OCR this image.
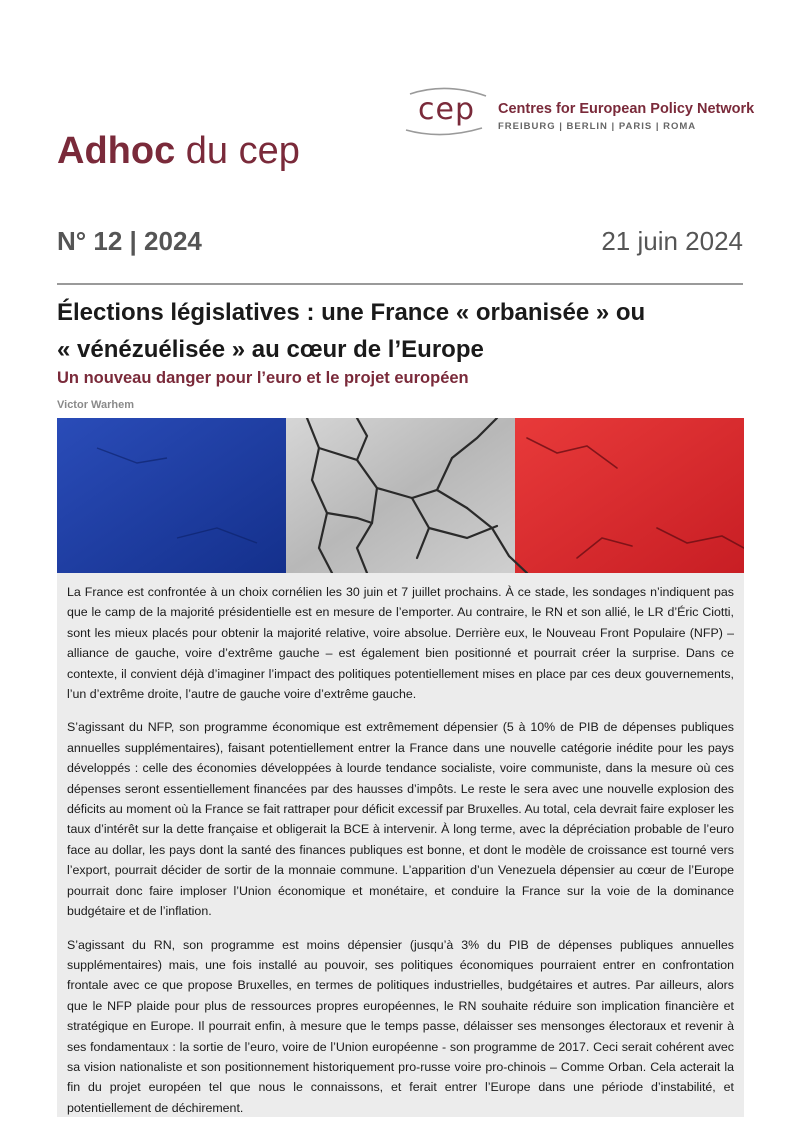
cep Centres for European Policy Network
FREIBURG | BERLIN | PARIS | ROMA
Adhoc du cep
N° 12 | 2024	21 juin 2024
Élections législatives : une France « orbanisée » ou
« vénézuélisée » au cœur de l’Europe
Un nouveau danger pour l’euro et le projet européen
Victor Warhem

La France est confrontée à un choix cornélien les 30 juin et 7 juillet prochains. À ce stade, les sondages n’indiquent pas que le camp de la majorité présidentielle est en mesure de l’emporter. Au contraire, le RN et son allié, le LR d’Éric Ciotti, sont les mieux placés pour obtenir la majorité relative, voire absolue. Derrière eux, le Nouveau Front Populaire (NFP) – alliance de gauche, voire d’extrême gauche – est également bien positionné et pourrait créer la surprise. Dans ce contexte, il convient déjà d’imaginer l’impact des politiques potentiellement mises en place par ces deux gouvernements, l’un d’extrême droite, l’autre de gauche voire d’extrême gauche.

S’agissant du NFP, son programme économique est extrêmement dépensier (5 à 10% de PIB de dépenses publiques annuelles supplémentaires), faisant potentiellement entrer la France dans une nouvelle catégorie inédite pour les pays développés : celle des économies développées à lourde tendance socialiste, voire communiste, dans la mesure où ces dépenses seront essentiellement financées par des hausses d’impôts. Le reste le sera avec une nouvelle explosion des déficits au moment où la France se fait rattraper pour déficit excessif par Bruxelles. Au total, cela devrait faire exploser les taux d’intérêt sur la dette française et obligerait la BCE à intervenir. À long terme, avec la dépréciation probable de l’euro face au dollar, les pays dont la santé des finances publiques est bonne, et dont le modèle de croissance est tourné vers l’export, pourrait décider de sortir de la monnaie commune. L’apparition d’un Venezuela dépensier au cœur de l’Europe pourrait donc faire imploser l’Union économique et monétaire, et conduire la France sur la voie de la dominance budgétaire et de l’inflation.

S’agissant du RN, son programme est moins dépensier (jusqu’à 3% du PIB de dépenses publiques annuelles supplémentaires) mais, une fois installé au pouvoir, ses politiques économiques pourraient entrer en confrontation frontale avec ce que propose Bruxelles, en termes de politiques industrielles, budgétaires et autres. Par ailleurs, alors que le NFP plaide pour plus de ressources propres européennes, le RN souhaite réduire son implication financière et stratégique en Europe. Il pourrait enfin, à mesure que le temps passe, délaisser ses mensonges électoraux et revenir à ses fondamentaux : la sortie de l’euro, voire de l’Union européenne - son programme de 2017. Ceci serait cohérent avec sa vision nationaliste et son positionnement historiquement pro-russe voire pro-chinois – Comme Orban. Cela acterait la fin du projet européen tel que nous le connaissons, et ferait entrer l’Europe dans une période d’instabilité, et potentiellement de déchirement.
